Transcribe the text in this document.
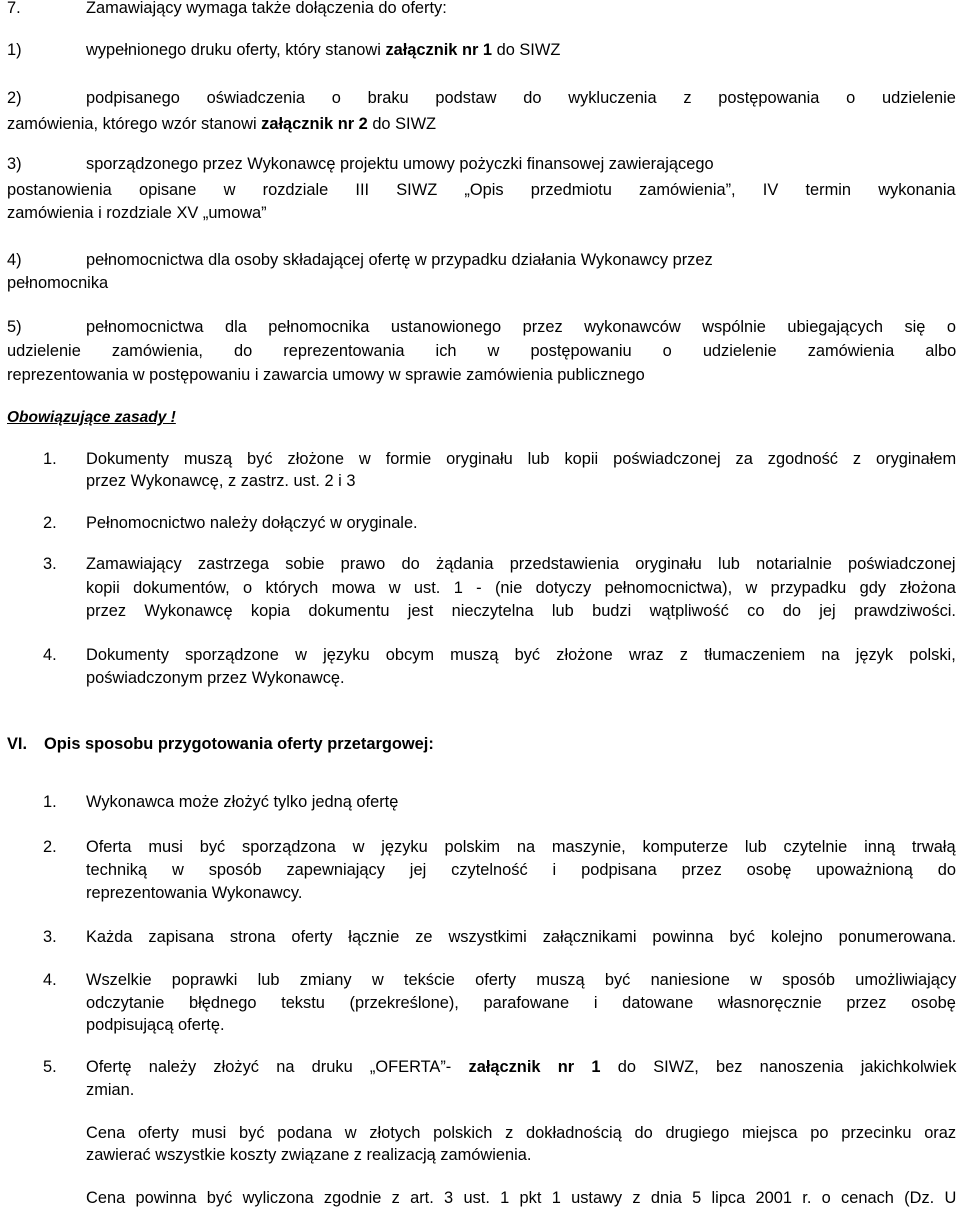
7.	Zamawiający wymaga także dołączenia do oferty:
1)	wypełnionego druku oferty, który stanowi załącznik nr 1 do SIWZ
2)	podpisanego oświadczenia o braku podstaw do wykluczenia z postępowania o udzielenie
zamówienia, którego wzór stanowi załącznik nr 2 do SIWZ
3)	sporządzonego przez Wykonawcę projektu umowy pożyczki finansowej zawierającego
postanowienia opisane w rozdziale III SIWZ „Opis przedmiotu zamówienia”, IV termin wykonania
zamówienia i rozdziale XV „umowa”
4)	pełnomocnictwa dla osoby składającej ofertę w przypadku działania Wykonawcy przez
pełnomocnika
5)	pełnomocnictwa dla pełnomocnika ustanowionego przez wykonawców wspólnie ubiegających się o
udzielenie zamówienia, do reprezentowania ich w postępowaniu o udzielenie zamówienia albo
reprezentowania w postępowaniu i zawarcia umowy w sprawie zamówienia publicznego
Obowiązujące zasady !
1. Dokumenty muszą być złożone w formie oryginału lub kopii poświadczonej za zgodność z oryginałem
przez Wykonawcę, z zastrz. ust. 2 i 3
2. Pełnomocnictwo należy dołączyć w oryginale.
3. Zamawiający zastrzega sobie prawo do żądania przedstawienia oryginału lub notarialnie poświadczonej
kopii dokumentów, o których mowa w ust. 1 - (nie dotyczy pełnomocnictwa), w przypadku gdy złożona
przez Wykonawcę kopia dokumentu jest nieczytelna lub budzi wątpliwość co do jej prawdziwości.
4. Dokumenty sporządzone w języku obcym muszą być złożone wraz z tłumaczeniem na język polski,
poświadczonym przez Wykonawcę.
VI. Opis sposobu przygotowania oferty przetargowej:
1. Wykonawca może złożyć tylko jedną ofertę
2. Oferta musi być sporządzona w języku polskim na maszynie, komputerze lub czytelnie inną trwałą
techniką w sposób zapewniający jej czytelność i podpisana przez osobę upoważnioną do
reprezentowania Wykonawcy.
3. Każda zapisana strona oferty łącznie ze wszystkimi załącznikami powinna być kolejno ponumerowana.
4. Wszelkie poprawki lub zmiany w tekście oferty muszą być naniesione w sposób umożliwiający
odczytanie błędnego tekstu (przekreślone), parafowane i datowane własnoręcznie przez osobę
podpisującą ofertę.
5. Ofertę należy złożyć na druku „OFERTA”- załącznik nr 1 do SIWZ, bez nanoszenia jakichkolwiek
zmian.
Cena oferty musi być podana w złotych polskich z dokładnością do drugiego miejsca po przecinku oraz
zawierać wszystkie koszty związane z realizacją zamówienia.
Cena powinna być wyliczona zgodnie z art. 3 ust. 1 pkt 1 ustawy z dnia 5 lipca 2001 r. o cenach (Dz. U
